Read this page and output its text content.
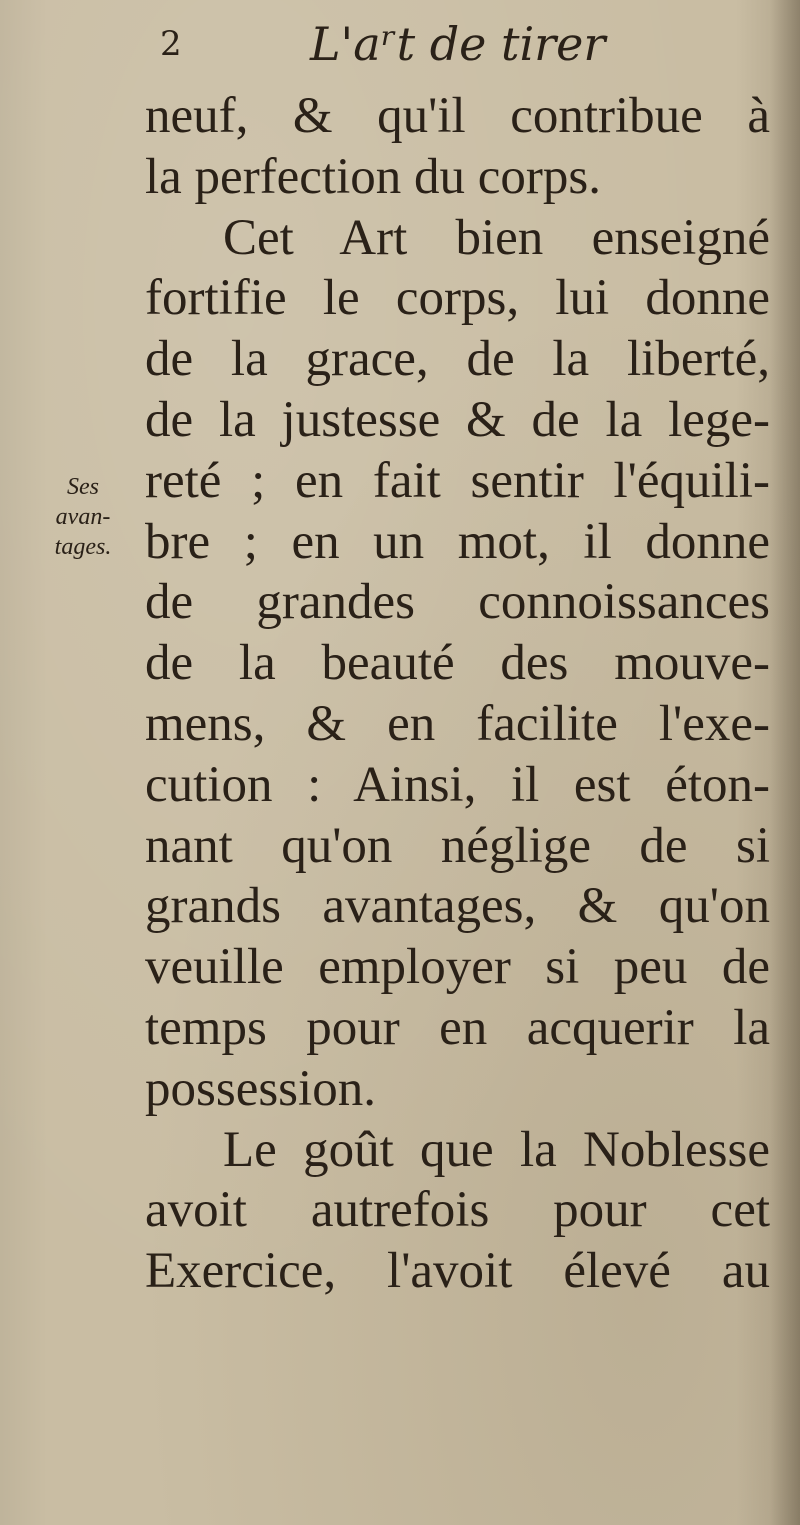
2	L'aʳt de tirer
Ses
avan-
tages.
neuf, & qu'il contribue à
la perfection du corps.
Cet Art bien enseigné
fortifie le corps, lui donne
de la grace, de la liberté,
de la justesse & de la lege-
reté ; en fait sentir l'équili-
bre ; en un mot, il donne
de grandes connoissances
de la beauté des mouve-
mens, & en facilite l'exe-
cution : Ainsi, il est éton-
nant qu'on néglige de si
grands avantages, & qu'on
veuille employer si peu de
temps pour en acquerir la
possession.
Le goût que la Noblesse
avoit autrefois pour cet
Exercice, l'avoit élevé au
